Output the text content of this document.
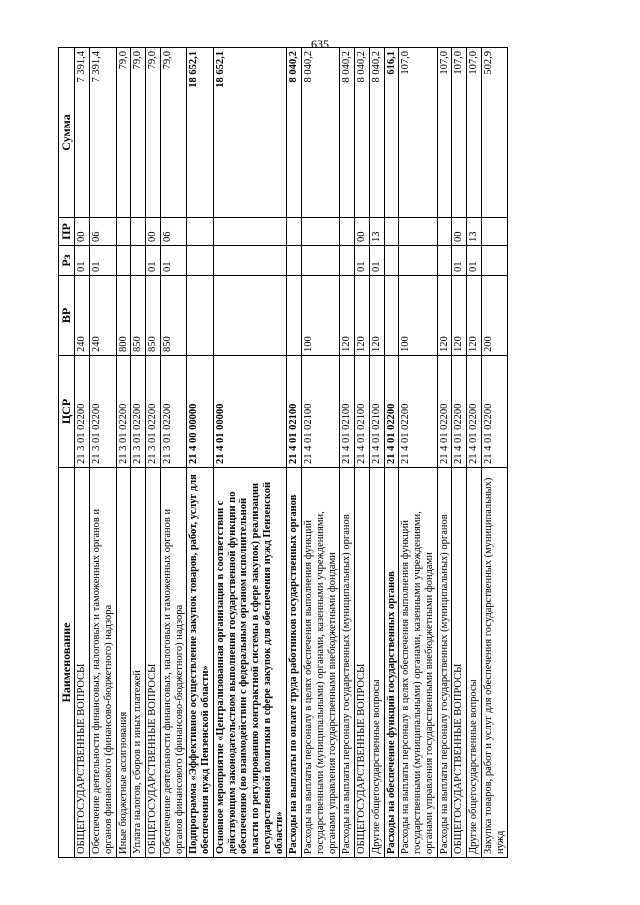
635
Наименование	ЦСР	ВР	Рз	ПР	Сумма
ОБЩЕГОСУДАРСТВЕННЫЕ ВОПРОСЫ	21 3 01 02200	240	01	00	7 391,4
Обеспечение деятельности финансовых, налоговых и таможенных органов и органов финансового (финансово-бюджетного) надзора	21 3 01 02200	240	01	06	7 391,4
Иные бюджетные ассигнования	21 3 01 02200	800			79,0
Уплата налогов, сборов и иных платежей	21 3 01 02200	850			79,0
ОБЩЕГОСУДАРСТВЕННЫЕ ВОПРОСЫ	21 3 01 02200	850	01	00	79,0
Обеспечение деятельности финансовых, налоговых и таможенных органов и органов финансового (финансово-бюджетного) надзора	21 3 01 02200	850	01	06	79,0
Подпрограмма «Эффективное осуществление закупок товаров, работ, услуг для обеспечения нужд Пензенской области»	21 4 00 00000				18 652,1
Основное мероприятие «Централизованная организация в соответствии с действующим законодательством выполнения государственной функции по обеспечению (во взаимодействии с федеральным органом исполнительной власти по регулированию контрактной системы в сфере закупок) реализации государственной политики в сфере закупок для обеспечения нужд Пензенской области»	21 4 01 00000				18 652,1
Расходы на выплаты по оплате труда работников государственных органов	21 4 01 02100				8 040,2
Расходы на выплаты персоналу в целях обеспечения выполнения функций государственными (муниципальными) органами, казенными учреждениями, органами управления государственными внебюджетными фондами	21 4 01 02100	100			8 040,2
Расходы на выплаты персоналу государственных (муниципальных) органов	21 4 01 02100	120			8 040,2
ОБЩЕГОСУДАРСТВЕННЫЕ ВОПРОСЫ	21 4 01 02100	120	01	00	8 040,2
Другие общегосударственные вопросы	21 4 01 02100	120	01	13	8 040,2
Расходы на обеспечение функций государственных органов	21 4 01 02200				616,1
Расходы на выплаты персоналу в целях обеспечения выполнения функций государственными (муниципальными) органами, казенными учреждениями, органами управления государственными внебюджетными фондами	21 4 01 02200	100			107,0
Расходы на выплаты персоналу государственных (муниципальных) органов	21 4 01 02200	120			107,0
ОБЩЕГОСУДАРСТВЕННЫЕ ВОПРОСЫ	21 4 01 02200	120	01	00	107,0
Другие общегосударственные вопросы	21 4 01 02200	120	01	13	107,0
Закупка товаров, работ и услуг для обеспечения государственных (муниципальных) нужд	21 4 01 02200	200			502,9
